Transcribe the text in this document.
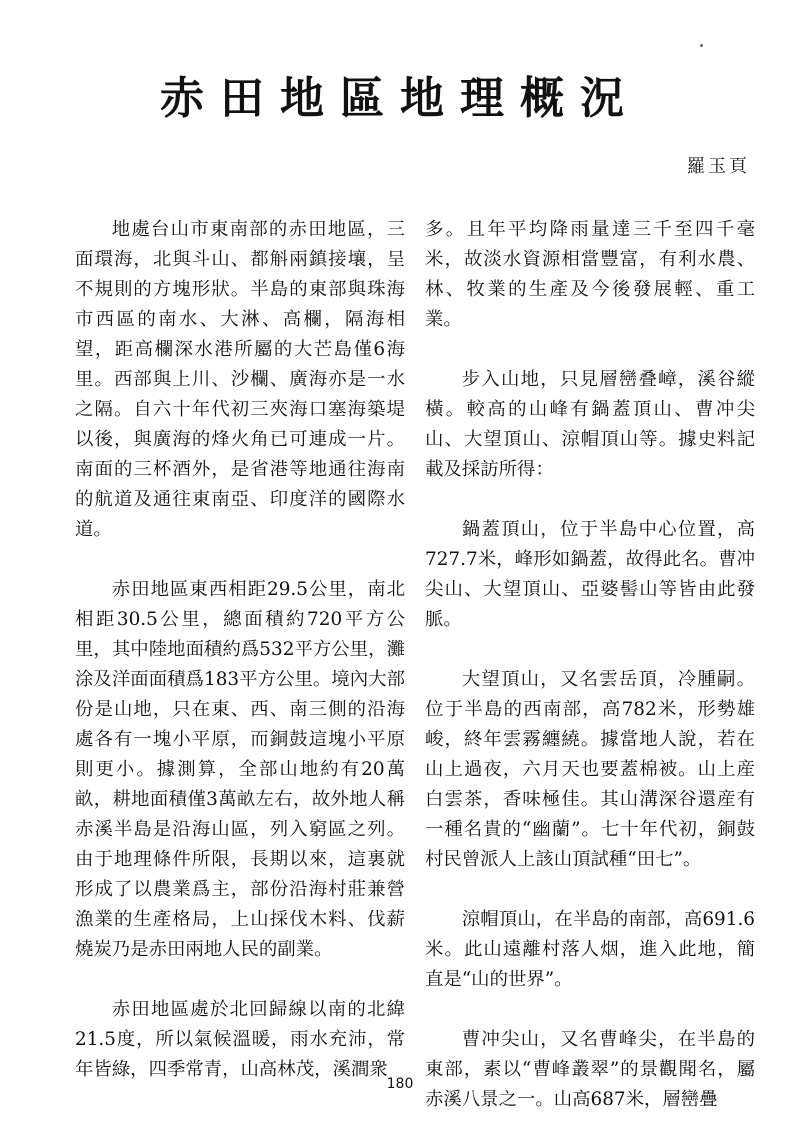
赤田地區地理概況
羅玉頁

地處台山市東南部的赤田地區，三面環海，北與斗山、都斛兩鎮接壤，呈不規則的方塊形狀。半島的東部與珠海市西區的南水、大淋、高欄，隔海相望，距高欄深水港所屬的大芒島僅6海里。西部與上川、沙欄、廣海亦是一水之隔。自六十年代初三夾海口塞海築堤以後，與廣海的烽火角已可連成一片。南面的三杯酒外，是省港等地通往海南的航道及通往東南亞、印度洋的國際水道。

赤田地區東西相距29.5公里，南北相距30.5公里，總面積約720平方公里，其中陸地面積約爲532平方公里，灘涂及洋面面積爲183平方公里。境內大部份是山地，只在東、西、南三側的沿海處各有一塊小平原，而銅鼓這塊小平原則更小。據測算，全部山地約有20萬畝，耕地面積僅3萬畝左右，故外地人稱赤溪半島是沿海山區，列入窮區之列。由于地理條件所限，長期以來，這裏就形成了以農業爲主，部份沿海村莊兼營漁業的生產格局，上山採伐木料、伐薪燒炭乃是赤田兩地人民的副業。

赤田地區處於北回歸線以南的北緯21.5度，所以氣候溫暖，雨水充沛，常年皆綠，四季常青，山高林茂，溪澗衆

多。且年平均降雨量達三千至四千毫米，故淡水資源相當豐富，有利水農、林、牧業的生產及今後發展輕、重工業。

步入山地，只見層巒叠嶂，溪谷縱橫。較高的山峰有鍋蓋頂山、曹冲尖山、大望頂山、涼帽頂山等。據史料記載及採訪所得：

鍋蓋頂山，位于半島中心位置，高727.7米，峰形如鍋蓋，故得此名。曹冲尖山、大望頂山、亞婆髻山等皆由此發脈。

大望頂山，又名雲岳頂，冷腫嗣。位于半島的西南部，高782米，形勢雄峻，終年雲霧纏繞。據當地人說，若在山上過夜，六月天也要蓋棉被。山上産白雲茶，香味極佳。其山溝深谷還産有一種名貴的“幽蘭”。七十年代初，銅鼓村民曾派人上該山頂試種“田七”。

涼帽頂山，在半島的南部，高691.6米。此山遠離村落人烟，進入此地，簡直是“山的世界”。

曹冲尖山，又名曹峰尖，在半島的東部，素以“曹峰叢翠”的景觀聞名，屬赤溪八景之一。山高687米，層巒疊

180
